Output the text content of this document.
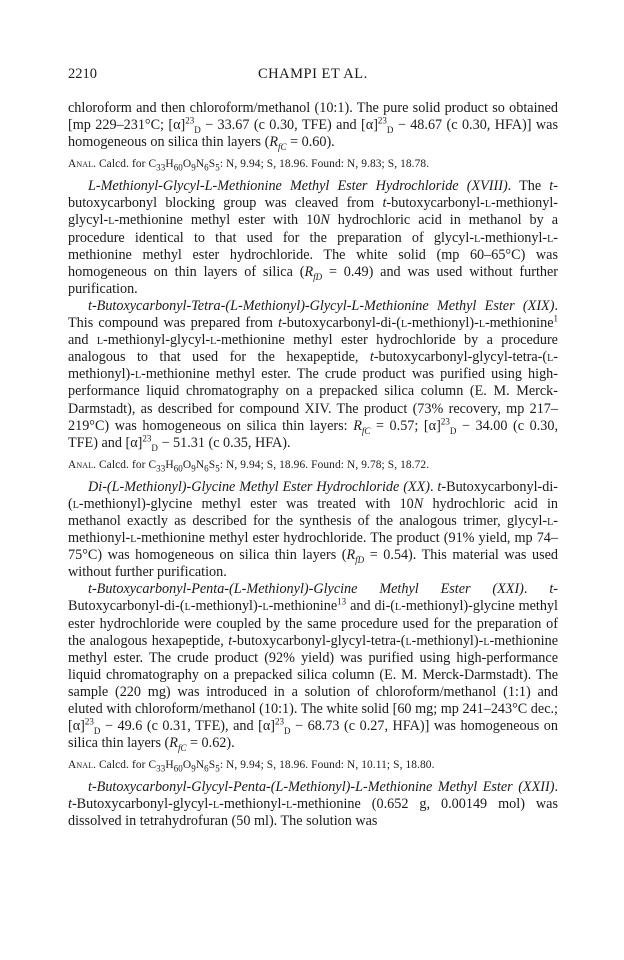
2210	CHAMPI ET AL.

chloroform and then chloroform/methanol (10:1). The pure solid product so obtained [mp 229–231°C; $[\alpha]^{23}_D - 33.67$ (c 0.30, TFE) and $[\alpha]^{23}_D - 48.67$ (c 0.30, HFA)] was homogeneous on silica thin layers $(R_{fC} = 0.60)$.

Anal. Calcd. for $C_{33}H_{60}O_9N_6S_5$: N, 9.94; S, 18.96. Found: N, 9.83; S, 18.78.

L-Methionyl-Glycyl-L-Methionine Methyl Ester Hydrochloride (XVIII). The t-butoxycarbonyl blocking group was cleaved from t-butoxycarbonyl-l-methionyl-glycyl-l-methionine methyl ester with 10N hydrochloric acid in methanol by a procedure identical to that used for the preparation of glycyl-l-methionyl-l-methionine methyl ester hydrochloride. The white solid (mp 60–65°C) was homogeneous on thin layers of silica $(R_{fD} = 0.49)$ and was used without further purification.

t-Butoxycarbonyl-Tetra-(L-Methionyl)-Glycyl-L-Methionine Methyl Ester (XIX). This compound was prepared from t-butoxycarbonyl-di-(l-methionyl)-l-methionine$^1$ and l-methionyl-glycyl-l-methionine methyl ester hydrochloride by a procedure analogous to that used for the hexapeptide, t-butoxycarbonyl-glycyl-tetra-(l-methionyl)-l-methionine methyl ester. The crude product was purified using high-performance liquid chromatography on a prepacked silica column (E. M. Merck-Darmstadt), as described for compound XIV. The product (73% recovery, mp 217–219°C) was homogeneous on silica thin layers: $R_{fC} = 0.57$; $[\alpha]^{23}_D - 34.00$ (c 0.30, TFE) and $[\alpha]^{23}_D - 51.31$ (c 0.35, HFA).

Anal. Calcd. for $C_{33}H_{60}O_9N_6S_5$: N, 9.94; S, 18.96. Found: N, 9.78; S, 18.72.

Di-(L-Methionyl)-Glycine Methyl Ester Hydrochloride (XX). t-Butoxycarbonyl-di-(l-methionyl)-glycine methyl ester was treated with 10N hydrochloric acid in methanol exactly as described for the synthesis of the analogous trimer, glycyl-l-methionyl-l-methionine methyl ester hydrochloride. The product (91% yield, mp 74–75°C) was homogeneous on silica thin layers $(R_{fD} = 0.54)$. This material was used without further purification.

t-Butoxycarbonyl-Penta-(L-Methionyl)-Glycine Methyl Ester (XXI). t-Butoxycarbonyl-di-(l-methionyl)-l-methionine$^{13}$ and di-(l-methionyl)-glycine methyl ester hydrochloride were coupled by the same procedure used for the preparation of the analogous hexapeptide, t-butoxycarbonyl-glycyl-tetra-(l-methionyl)-l-methionine methyl ester. The crude product (92% yield) was purified using high-performance liquid chromatography on a prepacked silica column (E. M. Merck-Darmstadt). The sample (220 mg) was introduced in a solution of chloroform/methanol (1:1) and eluted with chloroform/methanol (10:1). The white solid [60 mg; mp 241–243°C dec.; $[\alpha]^{23}_D - 49.6$ (c 0.31, TFE), and $[\alpha]^{23}_D - 68.73$ (c 0.27, HFA)] was homogeneous on silica thin layers $(R_{fC} = 0.62)$.

Anal. Calcd. for $C_{33}H_{60}O_9N_6S_5$: N, 9.94; S, 18.96. Found: N, 10.11; S, 18.80.

t-Butoxycarbonyl-Glycyl-Penta-(L-Methionyl)-L-Methionine Methyl Ester (XXII). t-Butoxycarbonyl-glycyl-l-methionyl-l-methionine (0.652 g, 0.00149 mol) was dissolved in tetrahydrofuran (50 ml). The solution was
